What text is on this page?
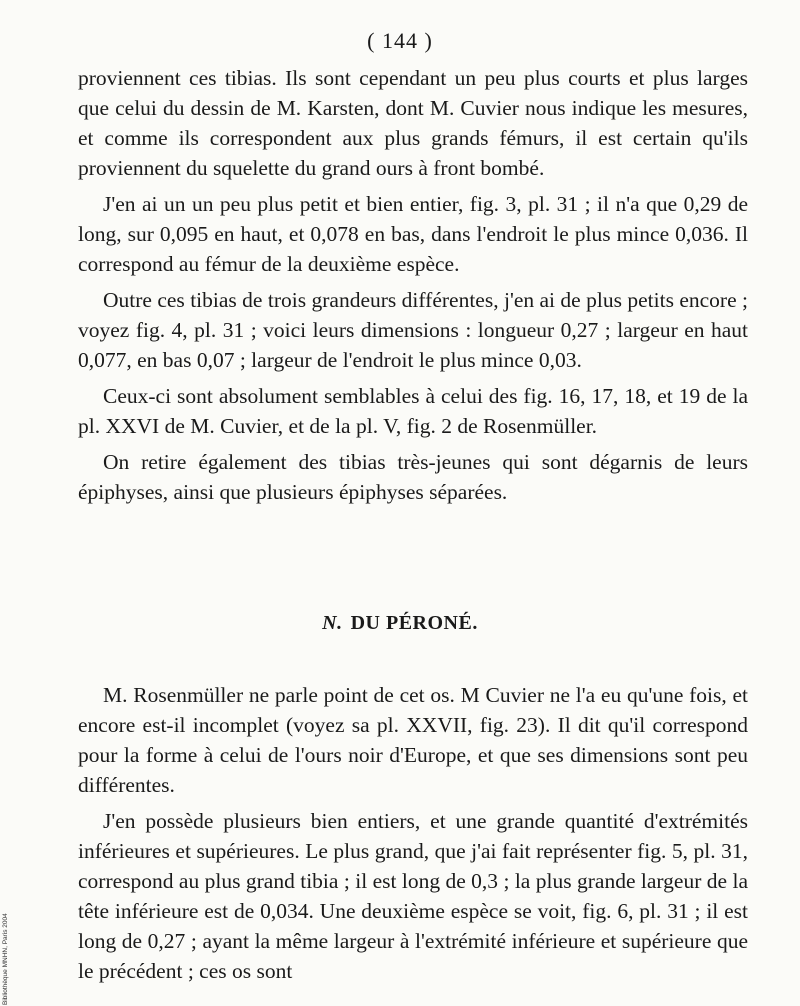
( 144 )

proviennent ces tibias. Ils sont cependant un peu plus courts et plus larges que celui du dessin de M. Karsten, dont M. Cuvier nous indique les mesures, et comme ils correspondent aux plus grands fémurs, il est certain qu'ils proviennent du squelette du grand ours à front bombé.

J'en ai un un peu plus petit et bien entier, fig. 3, pl. 31 ; il n'a que 0,29 de long, sur 0,095 en haut, et 0,078 en bas, dans l'endroit le plus mince 0,036. Il correspond au fémur de la deuxième espèce.

Outre ces tibias de trois grandeurs différentes, j'en ai de plus petits encore ; voyez fig. 4, pl. 31 ; voici leurs dimensions : longueur 0,27 ; largeur en haut 0,077, en bas 0,07 ; largeur de l'endroit le plus mince 0,03.

Ceux-ci sont absolument semblables à celui des fig. 16, 17, 18, et 19 de la pl. XXVI de M. Cuvier, et de la pl. V, fig. 2 de Rosenmüller.

On retire également des tibias très-jeunes qui sont dégarnis de leurs épiphyses, ainsi que plusieurs épiphyses séparées.

N. DU PÉRONÉ.

M. Rosenmüller ne parle point de cet os. M Cuvier ne l'a eu qu'une fois, et encore est-il incomplet (voyez sa pl. XXVII, fig. 23). Il dit qu'il correspond pour la forme à celui de l'ours noir d'Europe, et que ses dimensions sont peu différentes.

J'en possède plusieurs bien entiers, et une grande quantité d'extrémités inférieures et supérieures. Le plus grand, que j'ai fait représenter fig. 5, pl. 31, correspond au plus grand tibia ; il est long de 0,3 ; la plus grande largeur de la tête inférieure est de 0,034. Une deuxième espèce se voit, fig. 6, pl. 31 ; il est long de 0,27 ; ayant la même largeur à l'extrémité inférieure et supérieure que le précédent ; ces os sont

Bibliothèque MNHN, Paris 2004
